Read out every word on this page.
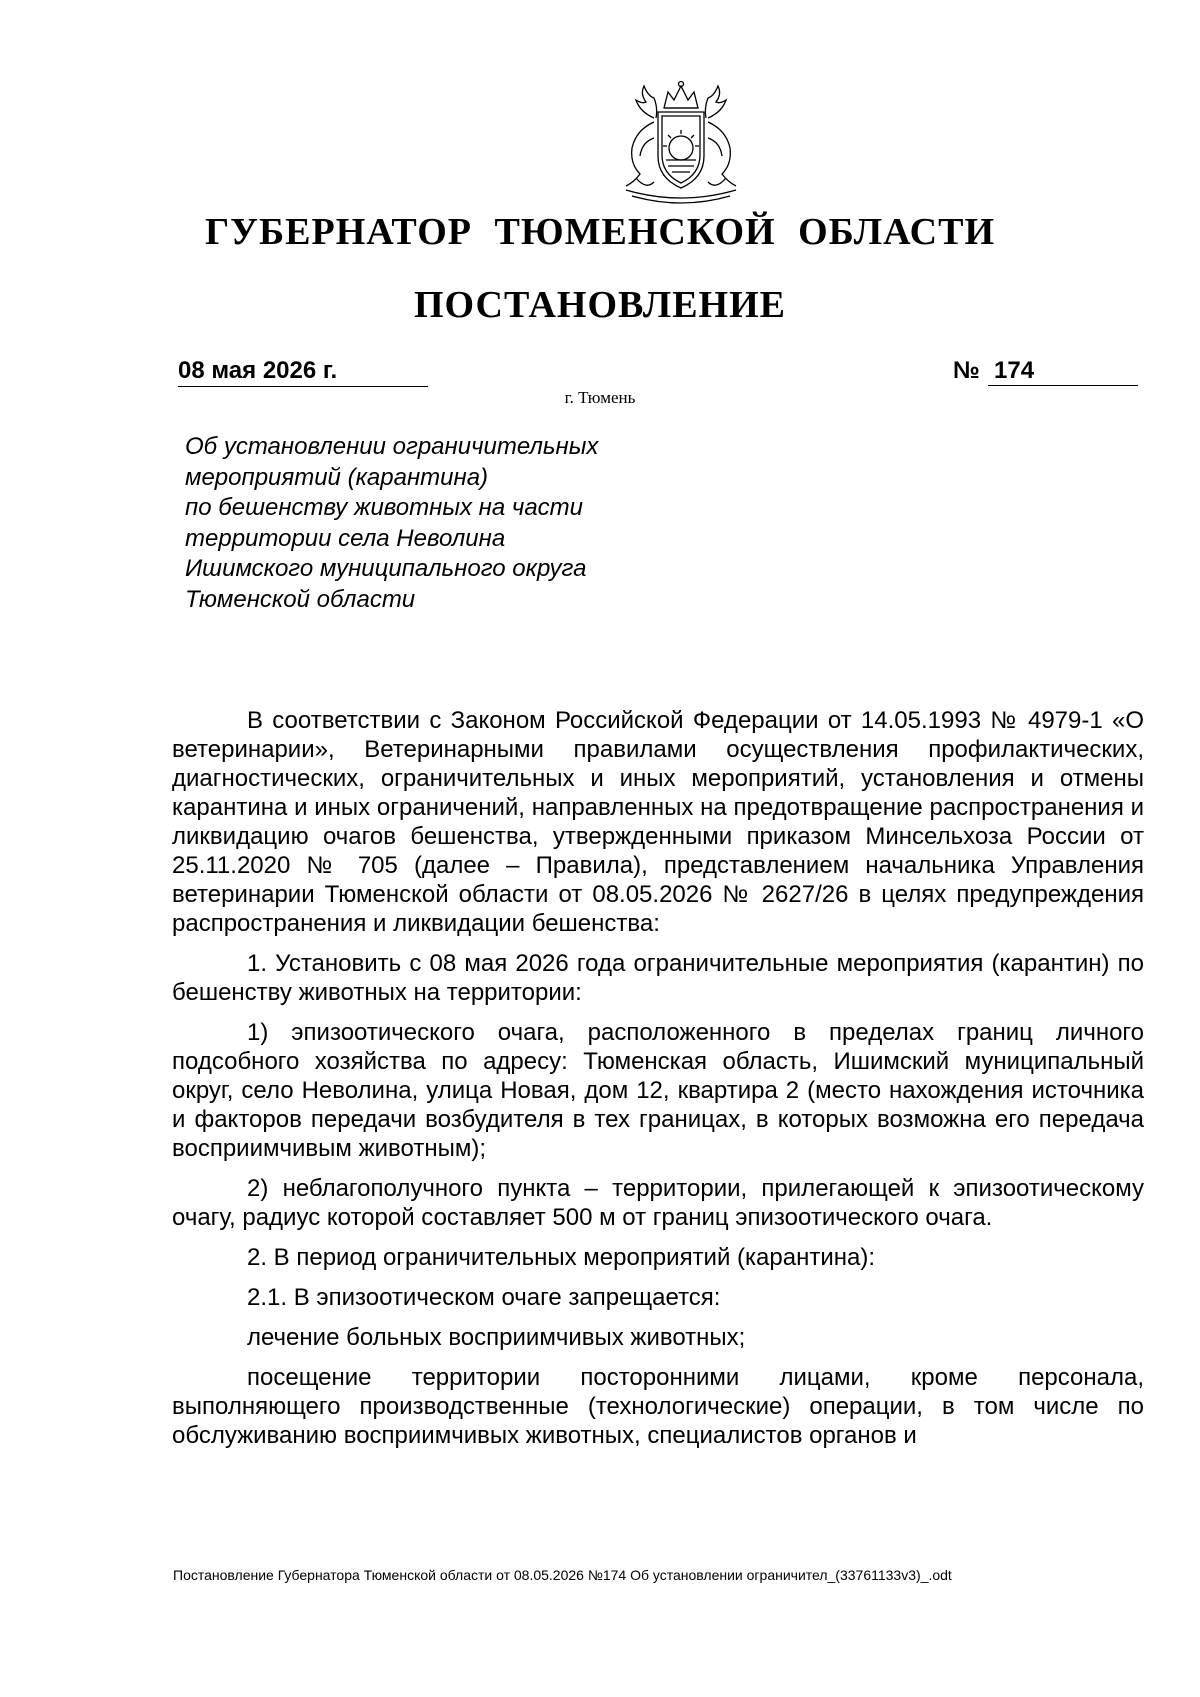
ГУБЕРНАТОР ТЮМЕНСКОЙ ОБЛАСТИ
ПОСТАНОВЛЕНИЕ
08 мая 2026 г.	№ 174
г. Тюмень
Об установлении ограничительных
мероприятий (карантина)
по бешенству животных на части
территории села Неволина
Ишимского муниципального округа
Тюменской области

В соответствии с Законом Российской Федерации от 14.05.1993 № 4979-1 «О ветеринарии», Ветеринарными правилами осуществления профилактических, диагностических, ограничительных и иных мероприятий, установления и отмены карантина и иных ограничений, направленных на предотвращение распространения и ликвидацию очагов бешенства, утвержденными приказом Минсельхоза России от 25.11.2020 № 705 (далее – Правила), представлением начальника Управления ветеринарии Тюменской области от 08.05.2026 № 2627/26 в целях предупреждения распространения и ликвидации бешенства:

1. Установить с 08 мая 2026 года ограничительные мероприятия (карантин) по бешенству животных на территории:

1) эпизоотического очага, расположенного в пределах границ личного подсобного хозяйства по адресу: Тюменская область, Ишимский муниципальный округ, село Неволина, улица Новая, дом 12, квартира 2 (место нахождения источника и факторов передачи возбудителя в тех границах, в которых возможна его передача восприимчивым животным);

2) неблагополучного пункта – территории, прилегающей к эпизоотическому очагу, радиус которой составляет 500 м от границ эпизоотического очага.

2. В период ограничительных мероприятий (карантина):

2.1. В эпизоотическом очаге запрещается:

лечение больных восприимчивых животных;

посещение территории посторонними лицами, кроме персонала, выполняющего производственные (технологические) операции, в том числе по обслуживанию восприимчивых животных, специалистов органов и

Постановление Губернатора Тюменской области от 08.05.2026 №174 Об установлении ограничител_(33761133v3)_.odt
